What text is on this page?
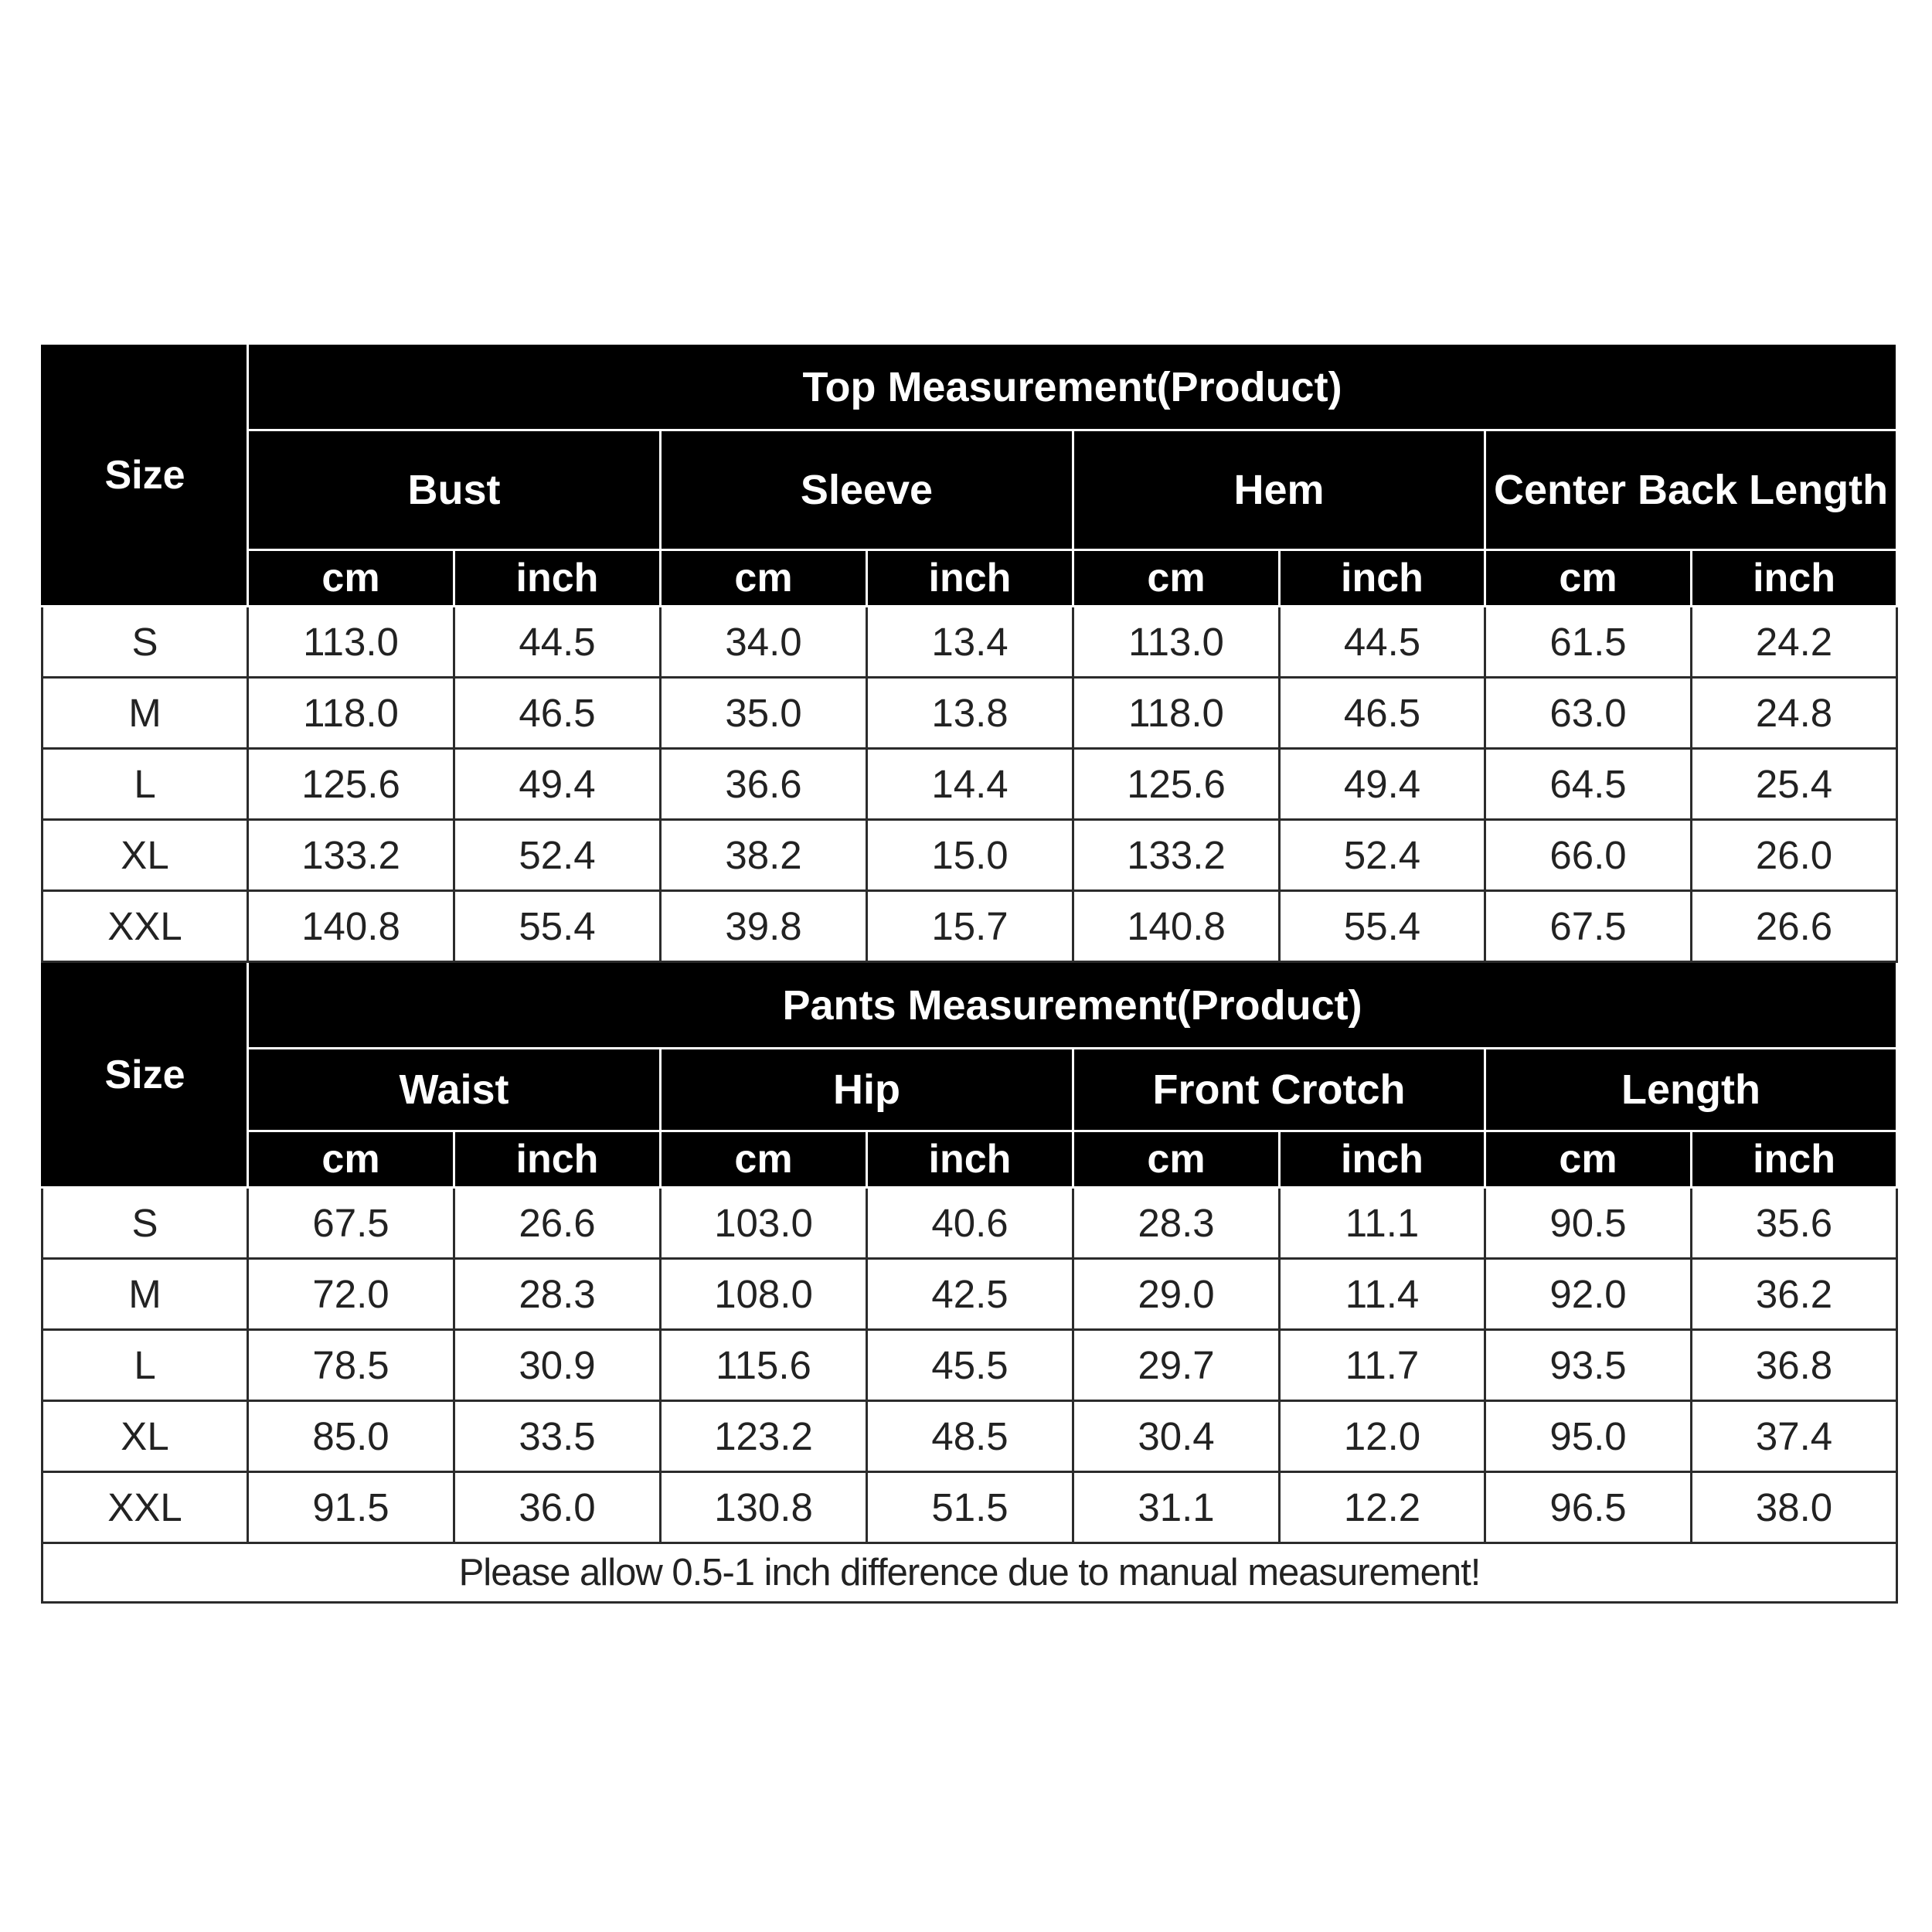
Size	Top Measurement(Product)							
	Bust		Sleeve		Hem		Center Back Length	
	cm	inch	cm	inch	cm	inch	cm	inch
S	113.0	44.5	34.0	13.4	113.0	44.5	61.5	24.2
M	118.0	46.5	35.0	13.8	118.0	46.5	63.0	24.8
L	125.6	49.4	36.6	14.4	125.6	49.4	64.5	25.4
XL	133.2	52.4	38.2	15.0	133.2	52.4	66.0	26.0
XXL	140.8	55.4	39.8	15.7	140.8	55.4	67.5	26.6
Size	Pants Measurement(Product)							
	Waist		Hip		Front Crotch		Length	
	cm	inch	cm	inch	cm	inch	cm	inch
S	67.5	26.6	103.0	40.6	28.3	11.1	90.5	35.6
M	72.0	28.3	108.0	42.5	29.0	11.4	92.0	36.2
L	78.5	30.9	115.6	45.5	29.7	11.7	93.5	36.8
XL	85.0	33.5	123.2	48.5	30.4	12.0	95.0	37.4
XXL	91.5	36.0	130.8	51.5	31.1	12.2	96.5	38.0
Please allow 0.5-1 inch difference due to manual measurement!								
